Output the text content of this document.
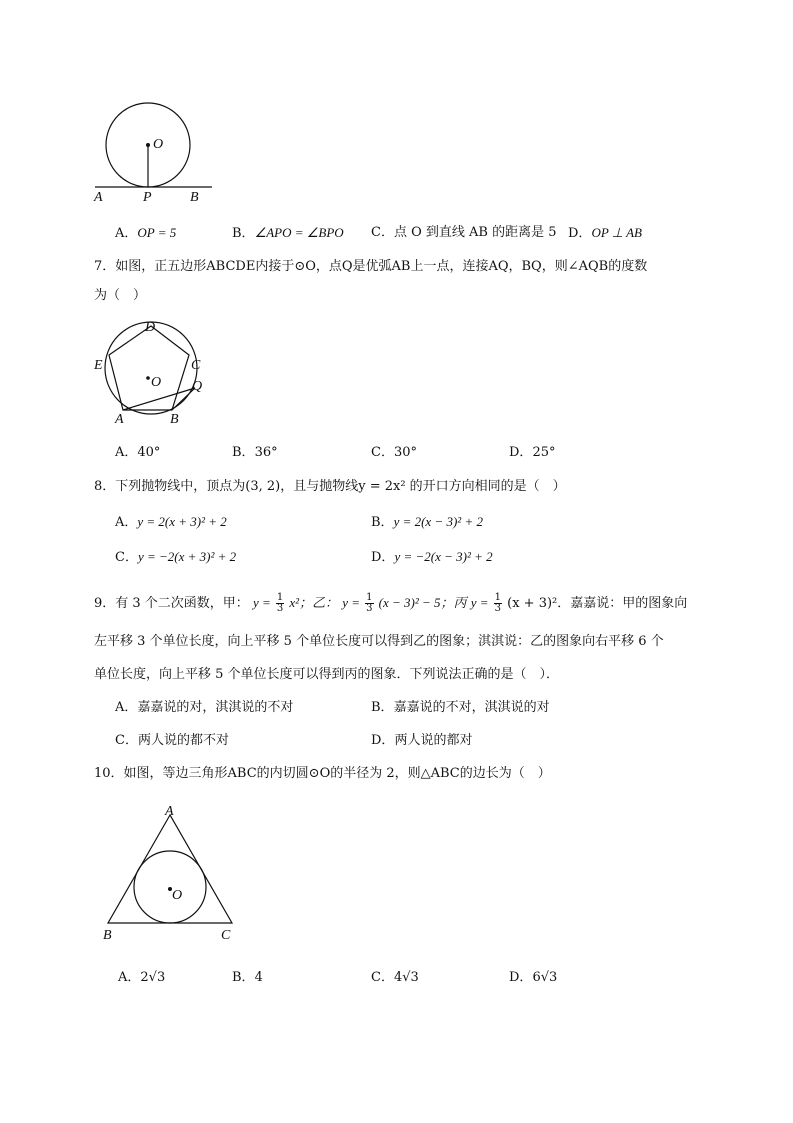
O
A	P	B
A．OP = 5	B．∠APO = ∠BPO C．点 O 到直线 AB 的距离是 5 D．OP ⊥ AB
7．如图，正五边形ABCDE内接于⊙O，点Q是优弧AB上一点，连接AQ，BQ，则∠AQB的度数
为（　）
D
E	C
O Q
A	B
A．40°	B．36°	C．30°	D．25°
8．下列抛物线中，顶点为(3, 2)，且与抛物线y = 2x² 的开口方向相同的是（　）
A．y = 2(x + 3)² + 2	B．y = 2(x − 3)² + 2
C．y = −2(x + 3)² + 2	D．y = −2(x − 3)² + 2
9．有 3 个二次函数，甲： $y = \frac{1}{3} x^2$；乙： $y = \frac{1}{3} (x - 3)^2 - 5$；丙 $y = \frac{1}{3} (x + 3)^2$．嘉嘉说：甲的图象向
左平移 3 个单位长度，向上平移 5 个单位长度可以得到乙的图象；淇淇说：乙的图象向右平移 6 个
单位长度，向上平移 5 个单位长度可以得到丙的图象．下列说法正确的是（　）．
A．嘉嘉说的对，淇淇说的不对	B．嘉嘉说的不对，淇淇说的对
C．两人说的都不对	D．两人说的都对
10．如图，等边三角形ABC的内切圆⊙O的半径为 2，则△ABC的边长为（　）
A
O
B	C
A．2√3	B．4	C．4√3	D．6√3
